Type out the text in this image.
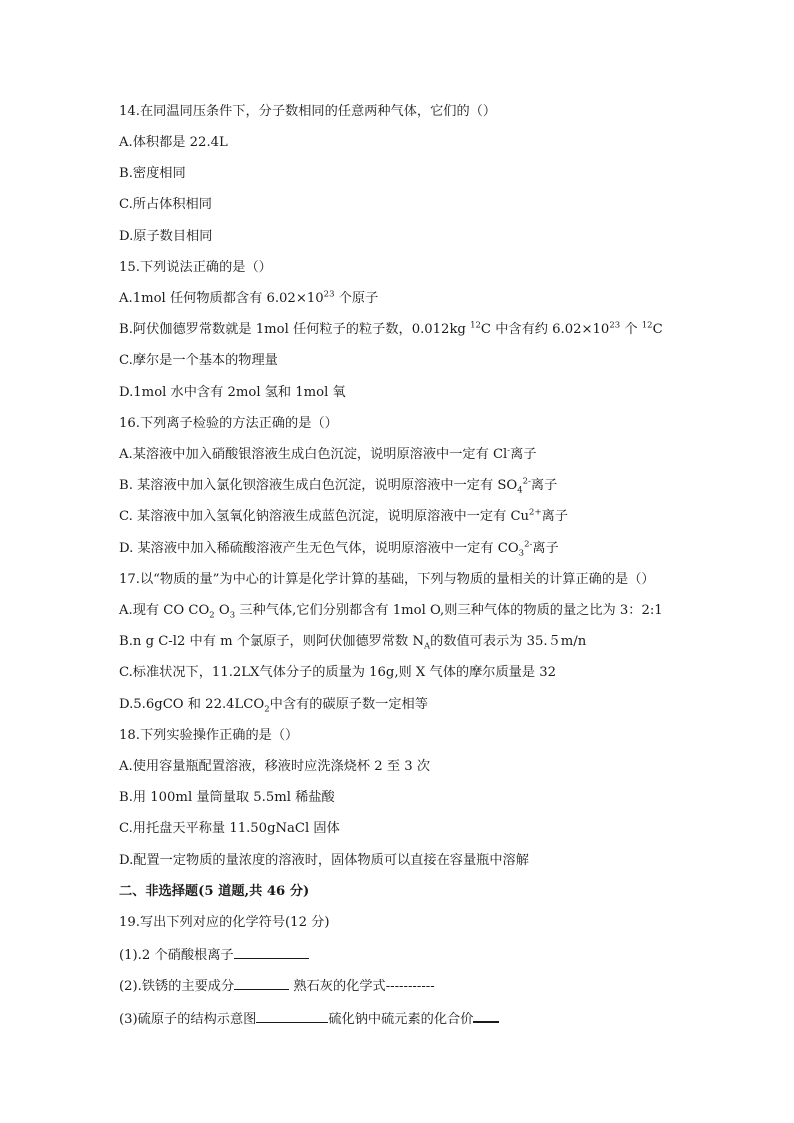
14.在同温同压条件下，分子数相同的任意两种气体，它们的（）
A.体积都是 22.4L
B.密度相同
C.所占体积相同
D.原子数目相同
15.下列说法正确的是（）
A.1mol 任何物质都含有 $6.02\times 10^{23}$ 个原子
B.阿伏伽德罗常数就是 1mol 任何粒子的粒子数，0.012kg $^{12}$C 中含有约 $6.02\times 10^{23}$ 个 $^{12}$C
C.摩尔是一个基本的物理量
D.1mol 水中含有 2mol 氢和 1mol 氧
16.下列离子检验的方法正确的是（）
A.某溶液中加入硝酸银溶液生成白色沉淀，说明原溶液中一定有 Cl-离子
B. 某溶液中加入氯化钡溶液生成白色沉淀，说明原溶液中一定有 $SO_4^{2-}$离子
C. 某溶液中加入氢氧化钠溶液生成蓝色沉淀，说明原溶液中一定有 $Cu^{2+}$离子
D. 某溶液中加入稀硫酸溶液产生无色气体，说明原溶液中一定有 $CO_3^{2-}$离子
17.以“物质的量”为中心的计算是化学计算的基础，下列与物质的量相关的计算正确的是（）
A.现有 CO $CO_2$ $O_3$ 三种气体,它们分别都含有 1mol O,则三种气体的物质的量之比为 3：2:1
B.n g C-l2 中有 m 个氯原子，则阿伏伽德罗常数 $N_A$的数值可表示为 35.５m/n
C.标准状况下，11.2LX气体分子的质量为 16g,则 X 气体的摩尔质量是 32
D.5.6gCO 和 $22.4LCO_2$中含有的碳原子数一定相等
18.下列实验操作正确的是（）
A.使用容量瓶配置溶液，移液时应洗涤烧杯 2 至 3 次
B.用 100ml 量筒量取 5.5ml 稀盐酸
C.用托盘天平称量 11.50gNaCl 固体
D.配置一定物质的量浓度的溶液时，固体物质可以直接在容量瓶中溶解
二、非选择题(5 道题,共 46 分)
19.写出下列对应的化学符号(12 分)
(1).2 个硝酸根离子
(2).铁锈的主要成分	熟石灰的化学式-----------
(3)硫原子的结构示意图	硫化钠中硫元素的化合价
